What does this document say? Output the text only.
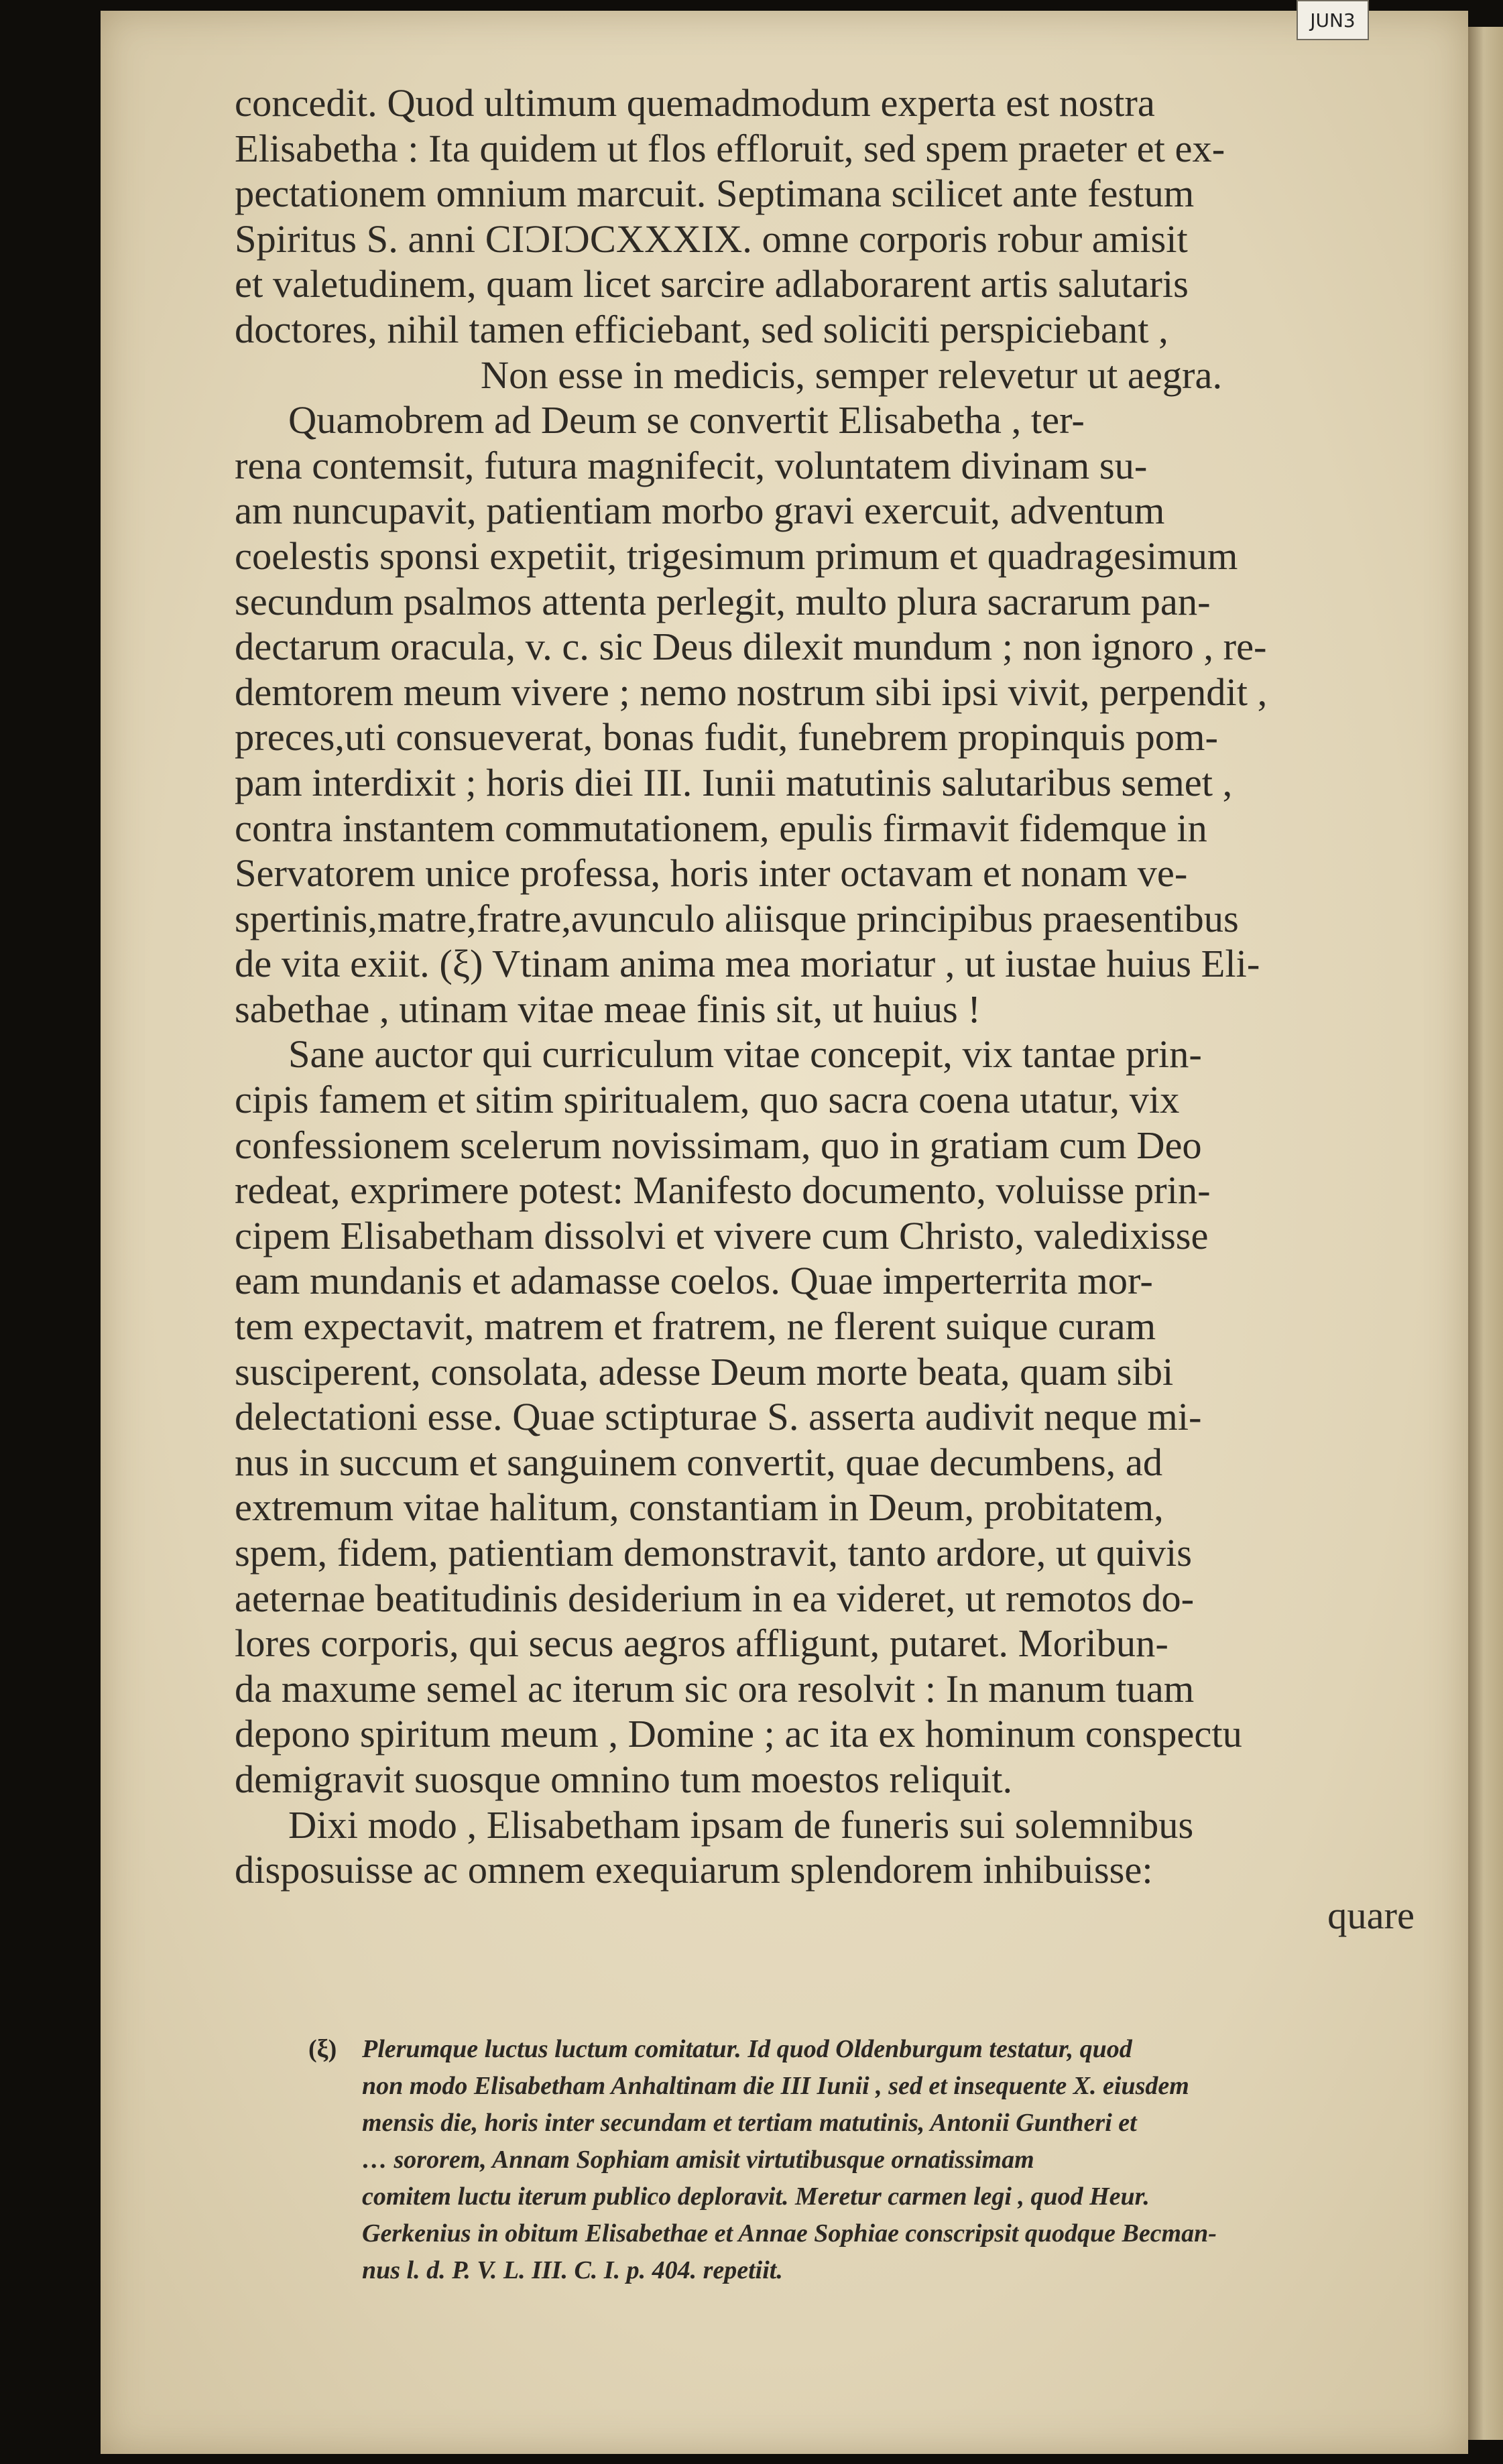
JUN3

concedit. Quod ultimum quemadmodum experta est nostra

Elisabetha : Ita quidem ut flos effloruit, sed spem praeter et ex-

pectationem omnium marcuit. Septimana scilicet ante festum

Spiritus S. anni CIƆIƆCXXXIX. omne corporis robur amisit

et valetudinem, quam licet sarcire adlaborarent artis salutaris

doctores, nihil tamen efficiebant, sed soliciti perspiciebant ,

Non esse in medicis, semper relevetur ut aegra.

Quamobrem ad Deum se convertit Elisabetha , ter-

rena contemsit, futura magnifecit, voluntatem divinam su-

am nuncupavit, patientiam morbo gravi exercuit, adventum

coelestis sponsi expetiit, trigesimum primum et quadragesimum

secundum psalmos attenta perlegit, multo plura sacrarum pan-

dectarum oracula, v. c. sic Deus dilexit mundum ; non ignoro , re-

demtorem meum vivere ; nemo nostrum sibi ipsi vivit, perpendit ,

preces,uti consueverat, bonas fudit, funebrem propinquis pom-

pam interdixit ; horis diei III. Iunii matutinis salutaribus semet ,

contra instantem commutationem, epulis firmavit fidemque in

Servatorem unice professa, horis inter octavam et nonam ve-

spertinis,matre,fratre,avunculo aliisque principibus praesentibus

de vita exiit. (ξ) Vtinam anima mea moriatur , ut iustae huius Eli-

sabethae , utinam vitae meae finis sit, ut huius !

Sane auctor qui curriculum vitae concepit, vix tantae prin-

cipis famem et sitim spiritualem, quo sacra coena utatur, vix

confessionem scelerum novissimam, quo in gratiam cum Deo

redeat, exprimere potest: Manifesto documento, voluisse prin-

cipem Elisabetham dissolvi et vivere cum Christo, valedixisse

eam mundanis et adamasse coelos. Quae imperterrita mor-

tem expectavit, matrem et fratrem, ne flerent suique curam

susciperent, consolata, adesse Deum morte beata, quam sibi

delectationi esse. Quae sctipturae S. asserta audivit neque mi-

nus in succum et sanguinem convertit, quae decumbens, ad

extremum vitae halitum, constantiam in Deum, probitatem,

spem, fidem, patientiam demonstravit, tanto ardore, ut quivis

aeternae beatitudinis desiderium in ea videret, ut remotos do-

lores corporis, qui secus aegros affligunt, putaret. Moribun-

da maxume semel ac iterum sic ora resolvit : In manum tuam

depono spiritum meum , Domine ; ac ita ex hominum conspectu

demigravit suosque omnino tum moestos reliquit.

Dixi modo , Elisabetham ipsam de funeris sui solemnibus

disposuisse ac omnem exequiarum splendorem inhibuisse:

quare

(ξ) Plerumque luctus luctum comitatur. Id quod Oldenburgum testatur, quod

non modo Elisabetham Anhaltinam die III Iunii , sed et insequente X. eiusdem

mensis die, horis inter secundam et tertiam matutinis, Antonii Guntheri et

… sororem, Annam Sophiam amisit virtutibusque ornatissimam

comitem luctu iterum publico deploravit. Meretur carmen legi , quod Heur.

Gerkenius in obitum Elisabethae et Annae Sophiae conscripsit quodque Becman-

nus l. d. P. V. L. III. C. I. p. 404. repetiit.
